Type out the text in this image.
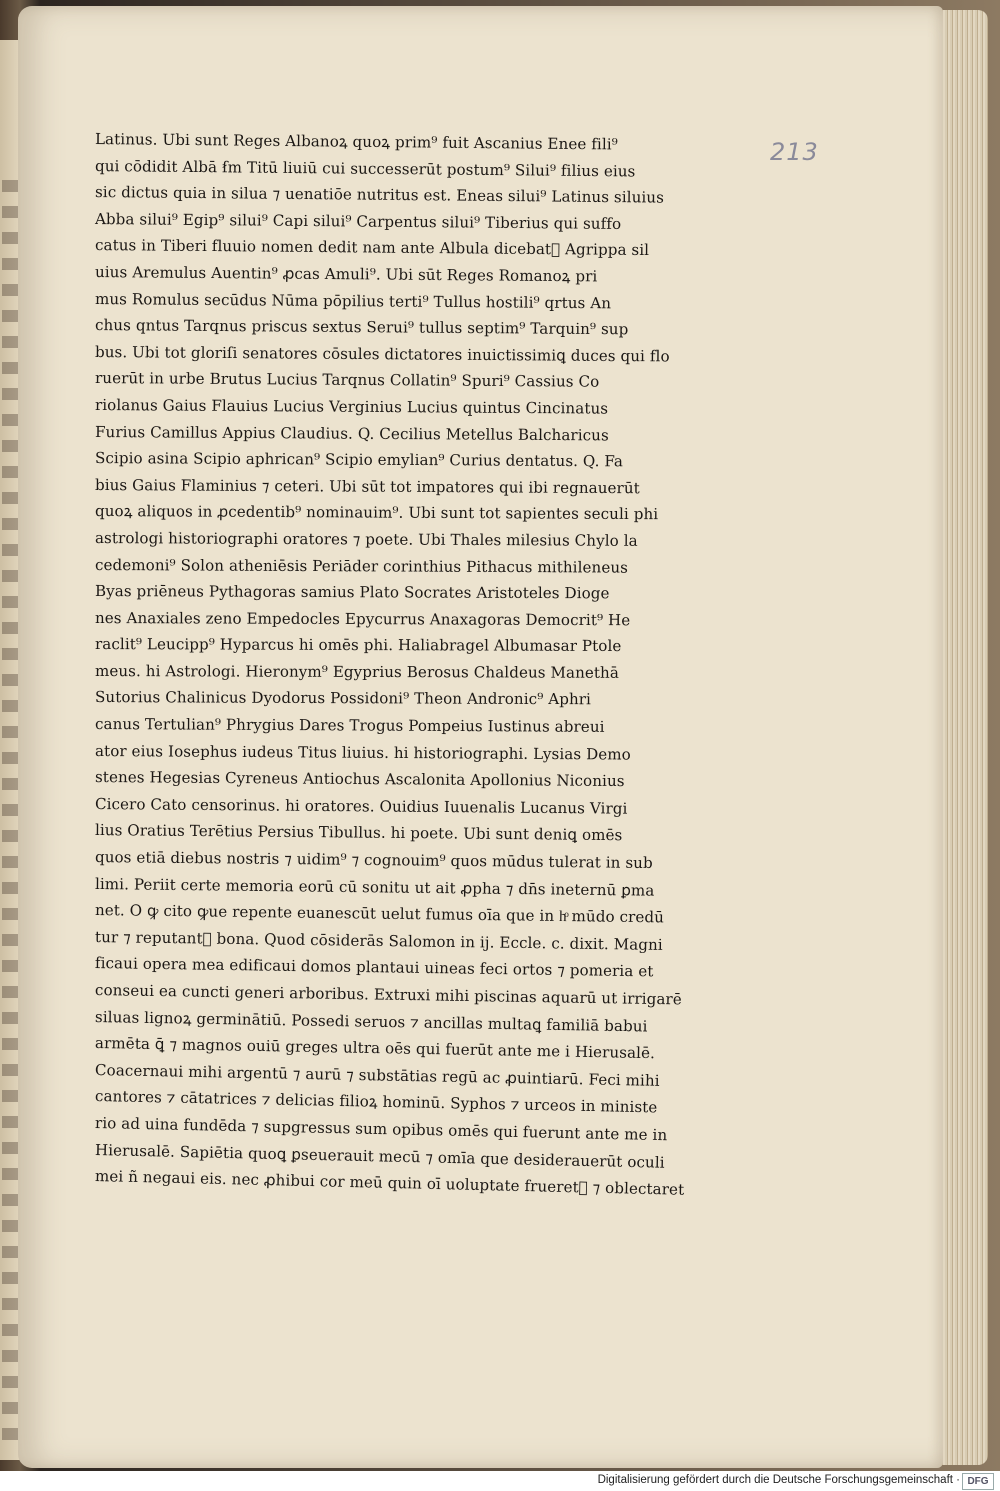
213
Latinus. Ubi sunt Reges Albanoꝝ quoꝝ prim⁹ fuit Ascanius Enee fili⁹
qui cōdidit Albā ẜm Titū liuiū cui successerūt postum⁹ Silui⁹ filius eius
sic dictus quia in silua ⁊ uenatiōe nutritus est. Eneas silui⁹ Latinus siluius
Abba silui⁹ Egip⁹ silui⁹ Capi silui⁹ Carpentus silui⁹ Tiberius qui suffo
catus in Tiberi fluuio nomen dedit nam ante Albula dicebat᷑ Agrippa sil
uius Aremulus Auentin⁹ ꝓcas Amuli⁹. Ubi sūt Reges Romanoꝝ pri
mus Romulus secūdus Nūma pōpilius terti⁹ Tullus hostili⁹ qrtus An
chus qntus Tarqnus priscus sextus Serui⁹ tullus septim⁹ Tarquin⁹ sup
bus. Ubi tot gloriſi senatores cōsules dictatores inuictissimiꝗ duces qui flo
ruerūt in urbe Brutus Lucius Tarqnus Collatin⁹ Spuri⁹ Cassius Co
riolanus Gaius Flauius Lucius Verginius Lucius quintus Cincinatus
Furius Camillus Appius Claudius. Q. Cecilius Metellus Balcharicus
Scipio asina Scipio aphrican⁹ Scipio emylian⁹ Curius dentatus. Q. Fa
bius Gaius Flaminius ⁊ ceteri. Ubi sūt tot impatores qui ibi regnauerūt
quoꝝ aliquos in ꝓcedentib⁹ nominauim⁹. Ubi sunt tot sapientes seculi phi
astrologi historiographi oratores ⁊ poete. Ubi Thales milesius Chylo la
cedemoni⁹ Solon atheniēsis Periāder corinthius Pithacus mithileneus
Byas priēneus Pythagoras samius Plato Socrates Aristoteles Dioge
nes Anaxiales zeno Empedocles Epycurrus Anaxagoras Democrit⁹ He
raclit⁹ Leucipp⁹ Hyparcus hi omēs phi. Haliabragel Albumasar Ptole
meus. hi Astrologi. Hieronym⁹ Egyprius Berosus Chaldeus Manethā
Sutorius Chalinicus Dyodorus Possidoni⁹ Theon Andronic⁹ Aphri
canus Tertulian⁹ Phrygius Dares Trogus Pompeius Iustinus abreui
ator eius Iosephus iudeus Titus liuius. hi historiographi. Lysias Demo
stenes Hegesias Cyreneus Antiochus Ascalonita Apollonius Niconius
Cicero Cato censorinus. hi oratores. Ouidius Iuuenalis Lucanus Virgi
lius Oratius Terētius Persius Tibullus. hi poete. Ubi sunt deniꝗ omēs
quos etiā diebus nostris ⁊ uidim⁹ ⁊ cognouim⁹ quos mūdus tulerat in sub
limi. Periit certe memoria eorū cū sonitu ut ait ꝓpha ⁊ dn̄s ineternū ꝑma
net. O ꝙ cito ꝙue repente euanescūt uelut fumus oīa que in hͦ mūdo credū
tur ⁊ reputant᷑ bona. Quod cōsiderās Salomon in ij. Eccle. c. dixit. Magni
ficaui opera mea edificaui domos plantaui uineas feci ortos ⁊ pomeria et
conseui ea cuncti generi arboribus. Extruxi mihi piscinas aquarū ut irrigarē
siluas lignoꝝ germinātiū. Possedi seruos ⁊ ancillas multaꝗ familiā babui
armēta ꝗ̄ ⁊ magnos ouiū greges ultra oēs qui fuerūt ante me i Hierusalē.
Coacernaui mihi argentū ⁊ aurū ⁊ substātias regū ac ꝓuintiarū. Feci mihi
cantores ⁊ cātatrices ⁊ delicias filioꝝ hominū. Syphos ⁊ urceos in ministe
rio ad uina fundēda ⁊ supgressus sum opibus omēs qui fuerunt ante me in
Hierusalē. Sapiētia quoꝗ ꝑseuerauit mecū ⁊ omīa que desiderauerūt oculi
mei ñ negaui eis. nec ꝓhibui cor meū quin oī uoluptate frueret᷑ ⁊ oblectaret
Digitalisierung gefördert durch die Deutsche Forschungsgemeinschaft · DFG
